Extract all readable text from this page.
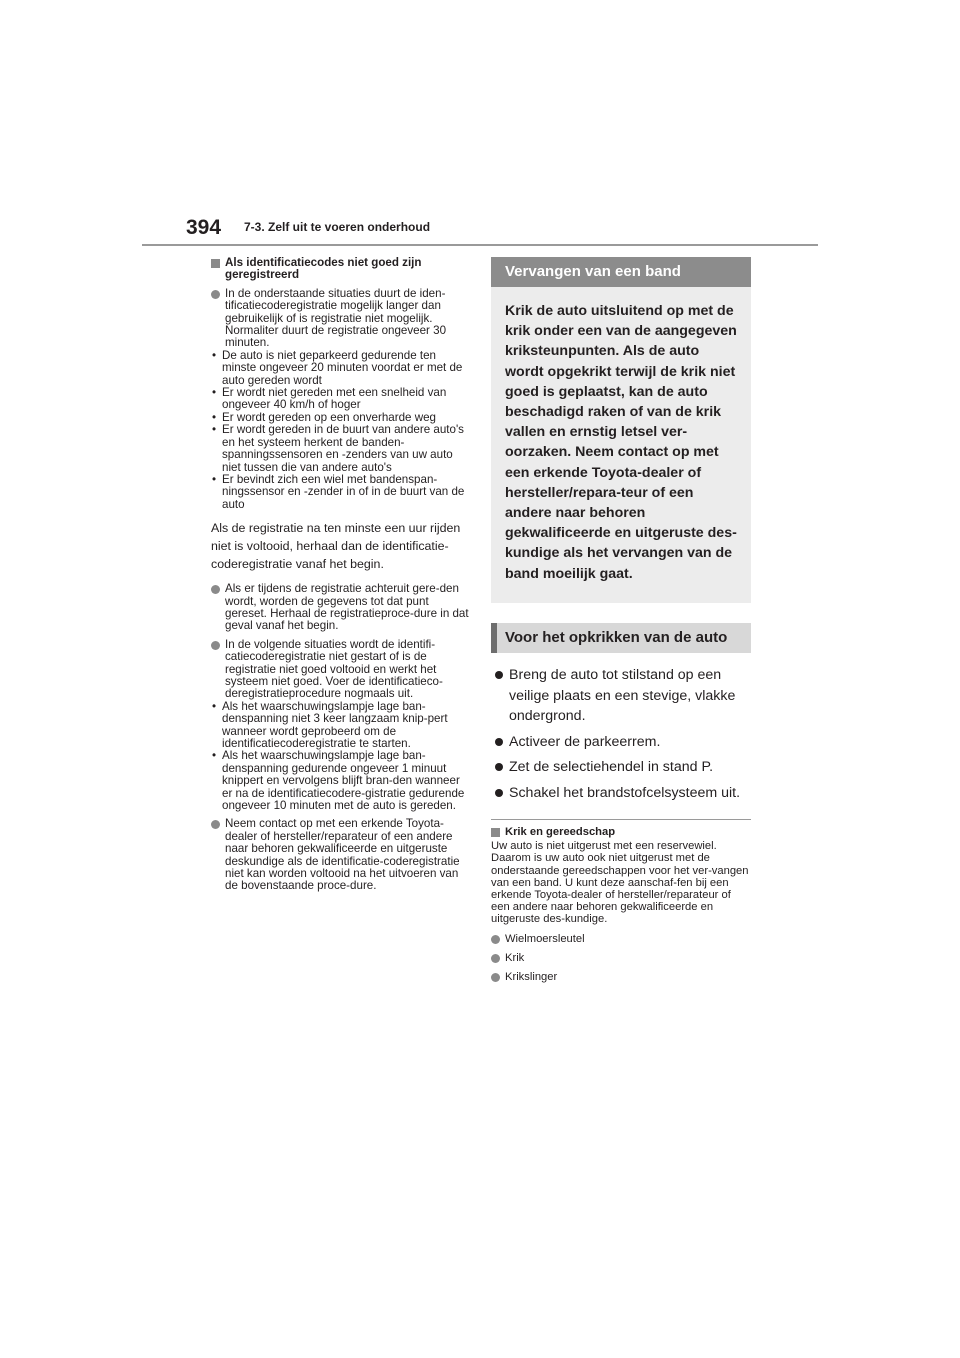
394 7-3. Zelf uit te voeren onderhoud
Als identificatiecodes niet goed zijn geregistreerd
In de onderstaande situaties duurt de iden-tificatiecoderegistratie mogelijk langer dan gebruikelijk of is registratie niet mogelijk. Normaliter duurt de registratie ongeveer 30 minuten.
• De auto is niet geparkeerd gedurende ten minste ongeveer 20 minuten voordat er met de auto gereden wordt
• Er wordt niet gereden met een snelheid van ongeveer 40 km/h of hoger
• Er wordt gereden op een onverharde weg
• Er wordt gereden in de buurt van andere auto's en het systeem herkent de banden-spanningssensoren en -zenders van uw auto niet tussen die van andere auto's
• Er bevindt zich een wiel met bandenspan-ningssensor en -zender in of in de buurt van de auto
Als de registratie na ten minste een uur rijden niet is voltooid, herhaal dan de identificatie-coderegistratie vanaf het begin.
Als er tijdens de registratie achteruit gere-den wordt, worden de gegevens tot dat punt gereset. Herhaal de registratieproce-dure in dat geval vanaf het begin.
In de volgende situaties wordt de identifi-catiecoderegistratie niet gestart of is de registratie niet goed voltooid en werkt het systeem niet goed. Voer de identificatieco-deregistratieprocedure nogmaals uit.
• Als het waarschuwingslampje lage ban-denspanning niet 3 keer langzaam knip-pert wanneer wordt geprobeerd om de identificatiecoderegistratie te starten.
• Als het waarschuwingslampje lage ban-denspanning gedurende ongeveer 1 minuut knippert en vervolgens blijft bran-den wanneer er na de identificatiecodere-gistratie gedurende ongeveer 10 minuten met de auto is gereden.
Neem contact op met een erkende Toyota-dealer of hersteller/reparateur of een andere naar behoren gekwalificeerde en uitgeruste deskundige als de identificatie-coderegistratie niet kan worden voltooid na het uitvoeren van de bovenstaande proce-dure.
Vervangen van een band
Krik de auto uitsluitend op met de krik onder een van de aangegeven kriksteunpunten. Als de auto wordt opgekrikt terwijl de krik niet goed is geplaatst, kan de auto beschadigd raken of van de krik vallen en ernstig letsel ver-oorzaken. Neem contact op met een erkende Toyota-dealer of hersteller/repara-teur of een andere naar behoren gekwalificeerde en uitgeruste des-kundige als het vervangen van de band moeilijk gaat.
Voor het opkrikken van de auto
Breng de auto tot stilstand op een veilige plaats en een stevige, vlakke ondergrond.
Activeer de parkeerrem.
Zet de selectiehendel in stand P.
Schakel het brandstofcelsysteem uit.
Krik en gereedschap
Uw auto is niet uitgerust met een reservewiel. Daarom is uw auto ook niet uitgerust met de onderstaande gereedschappen voor het ver-vangen van een band. U kunt deze aanschaf-fen bij een erkende Toyota-dealer of hersteller/reparateur of een andere naar behoren gekwalificeerde en uitgeruste des-kundige.
Wielmoersleutel
Krik
Krikslinger
